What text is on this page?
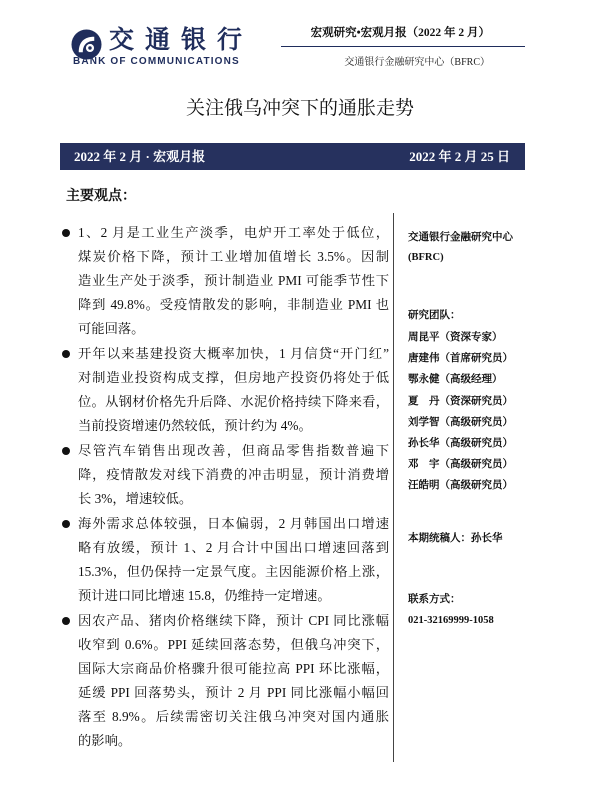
交通银行
BANK OF COMMUNICATIONS
宏观研究•宏观月报（2022 年 2 月）
交通银行金融研究中心（BFRC）
关注俄乌冲突下的通胀走势
2022 年 2 月 · 宏观月报	2022 年 2 月 25 日
主要观点：
1、2 月是工业生产淡季，电炉开工率处于低位，
煤炭价格下降，预计工业增加值增长 3.5%。因制
造业生产处于淡季，预计制造业 PMI 可能季节性下
降到 49.8%。受疫情散发的影响，非制造业 PMI 也
可能回落。
开年以来基建投资大概率加快，1 月信贷“开门红”
对制造业投资构成支撑，但房地产投资仍将处于低
位。从钢材价格先升后降、水泥价格持续下降来看，
当前投资增速仍然较低，预计约为 4%。
尽管汽车销售出现改善，但商品零售指数普遍下
降，疫情散发对线下消费的冲击明显，预计消费增
长 3%，增速较低。
海外需求总体较强，日本偏弱，2 月韩国出口增速
略有放缓，预计 1、2 月合计中国出口增速回落到
15.3%，但仍保持一定景气度。主因能源价格上涨，
预计进口同比增速 15.8，仍维持一定增速。
因农产品、猪肉价格继续下降，预计 CPI 同比涨幅
收窄到 0.6%。PPI 延续回落态势，但俄乌冲突下，
国际大宗商品价格骤升很可能拉高 PPI 环比涨幅，
延缓 PPI 回落势头，预计 2 月 PPI 同比涨幅小幅回
落至 8.9%。后续需密切关注俄乌冲突对国内通胀
的影响。
交通银行金融研究中心
(BFRC)
研究团队：
周昆平（资深专家）
唐建伟（首席研究员）
鄂永健（高级经理）
夏　丹（资深研究员）
刘学智（高级研究员）
孙长华（高级研究员）
邓　宇（高级研究员）
汪皓明（高级研究员）
本期统稿人：孙长华
联系方式：
021-32169999-1058
